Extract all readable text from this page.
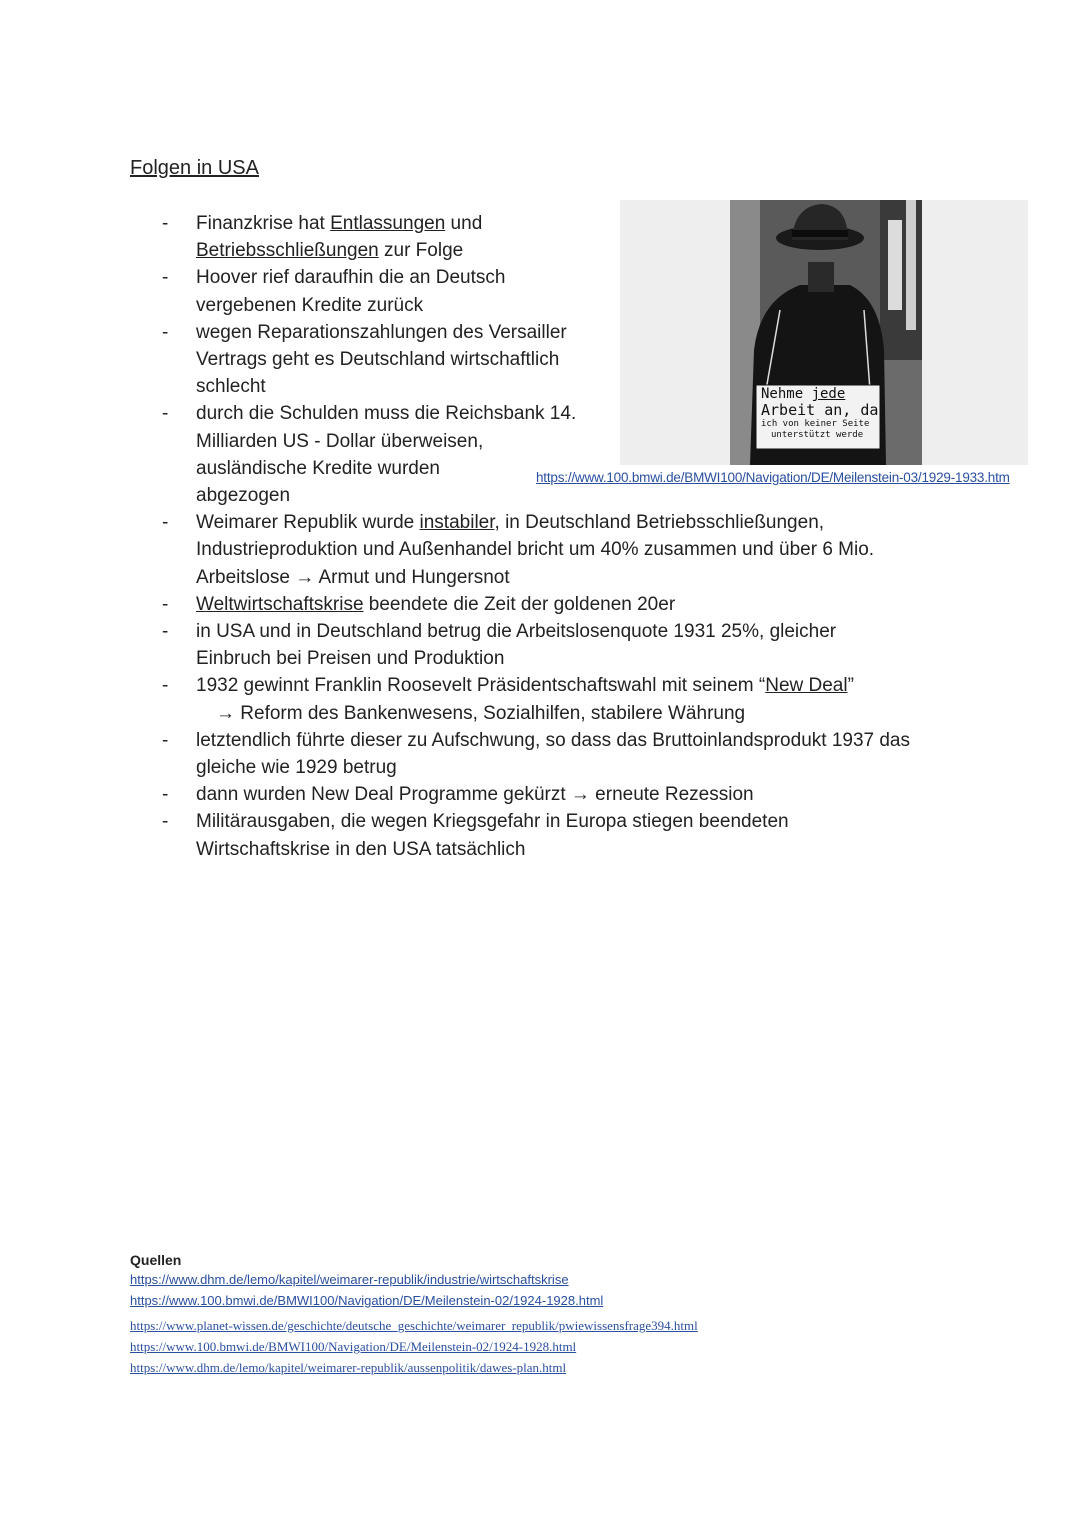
Folgen in USA
Nehme jede
Arbeit an, da
ich von keiner Seite
unterstützt werde
https://www.100.bmwi.de/BMWI100/Navigation/DE/Meilenstein-03/1929-1933.htm
- Finanzkrise hat Entlassungen und
Betriebsschließungen zur Folge
- Hoover rief daraufhin die an Deutsch
vergebenen Kredite zurück
- wegen Reparationszahlungen des Versailler
Vertrags geht es Deutschland wirtschaftlich
schlecht
- durch die Schulden muss die Reichsbank 14.
Milliarden US - Dollar überweisen,
ausländische Kredite wurden
abgezogen
- Weimarer Republik wurde instabiler, in Deutschland Betriebsschließungen,
Industrieproduktion und Außenhandel bricht um 40% zusammen und über 6 Mio.
Arbeitslose → Armut und Hungersnot
- Weltwirtschaftskrise beendete die Zeit der goldenen 20er
- in USA und in Deutschland betrug die Arbeitslosenquote 1931 25%, gleicher
Einbruch bei Preisen und Produktion
- 1932 gewinnt Franklin Roosevelt Präsidentschaftswahl mit seinem “New Deal”
→ Reform des Bankenwesens, Sozialhilfen, stabilere Währung
- letztendlich führte dieser zu Aufschwung, so dass das Bruttoinlandsprodukt 1937 das
gleiche wie 1929 betrug
- dann wurden New Deal Programme gekürzt → erneute Rezession
- Militärausgaben, die wegen Kriegsgefahr in Europa stiegen beendeten
Wirtschaftskrise in den USA tatsächlich
Quellen
https://www.dhm.de/lemo/kapitel/weimarer-republik/industrie/wirtschaftskrise
https://www.100.bmwi.de/BMWI100/Navigation/DE/Meilenstein-02/1924-1928.html
https://www.planet-wissen.de/geschichte/deutsche_geschichte/weimarer_republik/pwiewissensfrage394.html
https://www.100.bmwi.de/BMWI100/Navigation/DE/Meilenstein-02/1924-1928.html
https://www.dhm.de/lemo/kapitel/weimarer-republik/aussenpolitik/dawes-plan.html
